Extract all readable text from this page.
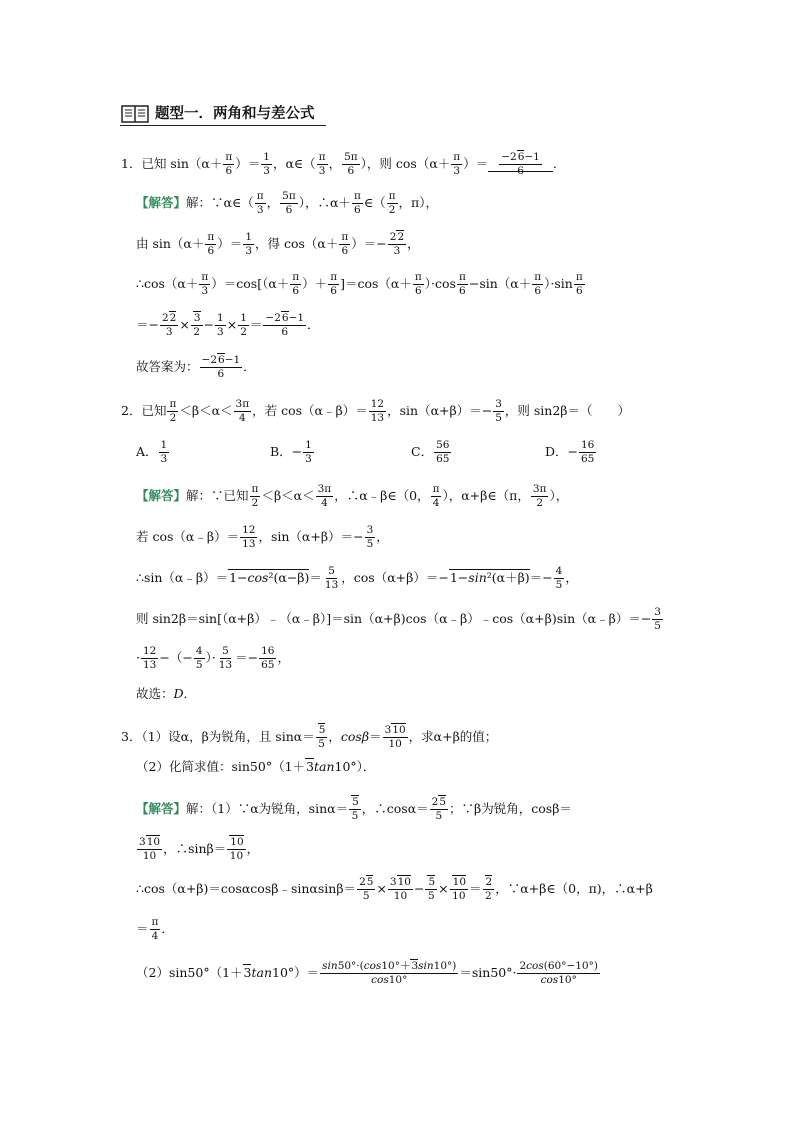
题型一．两角和与差公式
1．已知 $\sin(\alpha+ \frac{\pi}{6}$ ）＝ $\frac{1}{3}$ ，α∈（ $\frac{\pi}{3}$ ， $\frac{5\pi}{6}$ ），则 $\cos(\alpha+ \frac{\pi}{3}$ ）＝ $\frac{-26-1}{6}$ ．
【解答】解：∵α∈（ $\frac{\pi}{3}$ ， $\frac{5\pi}{6}$ ），∴α＋ $\frac{\pi}{6}$ ∈（ $\frac{\pi}{2}$ ，π），
由 $\sin(\alpha+ \frac{\pi}{6}$ ）＝ $\frac{1}{3}$ ，得 $\cos(\alpha+ \frac{\pi}{6}$ ）＝− $\frac{22}{3}$ ，
∴cos（α＋ $\frac{\pi}{3} )=\cos[(\alpha+ \frac{\pi}{6}$ ）＋ $\frac{\pi}{6} ]=\cos(\alpha+ \frac{\pi}{6} )\cdot\cos \frac{\pi}{6} -\sin(\alpha+ \frac{\pi}{6} )\cdot\sin \frac{\pi}{6}$
＝− $\frac{22}{3} \times \frac{3}{2} - \frac{1}{3} \times \frac{1}{2} = \frac{-26-1}{6}$ ．
故答案为： $\frac{-26-1}{6}$ ．
2．已知 $\frac{\pi}{2} <\beta<\alpha< \frac{3\pi}{4}$ ，若 cos（α﹣β）＝ $\frac{12}{13}$ ，$\sin(\alpha+\beta)=- \frac{3}{5}$ ，则 sin2β＝（　　）
A． $\frac{1}{3}$	B．− $\frac{1}{3}$	C． $\frac{56}{65}$	D．− $\frac{16}{65}$
【解答】解：∵已知 $\frac{\pi}{2} <\beta<\alpha< \frac{3\pi}{4}$ ，∴α﹣β∈（0， $\frac{\pi}{4}$ ），α+β∈（π， $\frac{3\pi}{2}$ ），
若 cos（α﹣β）＝ $\frac{12}{13}$ ，$\sin(\alpha+\beta)=- \frac{3}{5}$ ，
∴sin（α﹣β）＝1−cos²(α−β)＝ $\frac{5}{13}$ ，$\cos(\alpha+\beta)=-1-\sin^2(\alpha+\beta)=- \frac{4}{5}$ ，
则 sin2β＝sin[（α+β）﹣（α﹣β）]＝sin（α+β)cos（α﹣β）﹣cos（α+β)sin（α﹣β）＝− $\frac{3}{5}$
· $\frac{12}{13}$ −（− $\frac{4}{5}$ ）· $\frac{5}{13} =- \frac{16}{65}$ ，
故选：D．
3．（1）设α，β为锐角，且 $\sin\alpha= \frac{5}{5}$ ，$\cos\beta= \frac{310}{10}$ ，求α+β的值；
（2）化简求值：sin50°（1＋3tan10°）．
【解答】解：（1）∵α为锐角，$\sin\alpha= \frac{5}{5}$ ，∴cosα＝ $\frac{25}{5}$ ；∵β为锐角，cosβ＝
$\frac{310}{10}$ ，∴sinβ＝ $\frac{10}{10}$ ，
∴cos（α+β)＝cosαcosβ﹣sinαsinβ＝ $\frac{25}{5} \times \frac{310}{10} - \frac{5}{5} \times \frac{10}{10} = \frac{2}{2}$ ，∵α+β∈（0，π)，∴α+β
＝ $\frac{\pi}{4}$ ．
$(2)\sin 50^\circ(1+3\tan 10^\circ)= \frac{\sin 50^\circ\cdot(\cos 10^\circ+3\sin 10^\circ)}{\cos 10^\circ} =\sin 50^\circ\cdot \frac{2\cos(60^\circ-10^\circ)}{\cos 10^\circ}$
